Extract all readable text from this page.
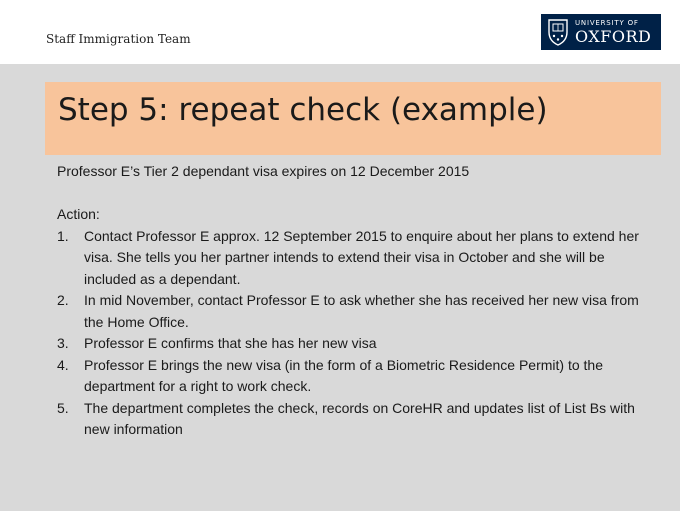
Staff Immigration Team
UNIVERSITY OF
OXFORD
Step 5: repeat check (example)

Professor E’s Tier 2 dependant visa expires on 12 December 2015

Action:

1.	Contact Professor E approx. 12 September 2015 to enquire about her plans to extend her visa. She tells you her partner intends to extend their visa in October and she will be included as a dependant.
2.	In mid November, contact Professor E to ask whether she has received her new visa from the Home Office.
3.	Professor E confirms that she has her new visa
4.	Professor E brings the new visa (in the form of a Biometric Residence Permit) to the department for a right to work check.
5.	The department completes the check, records on CoreHR and updates list of List Bs with new information
